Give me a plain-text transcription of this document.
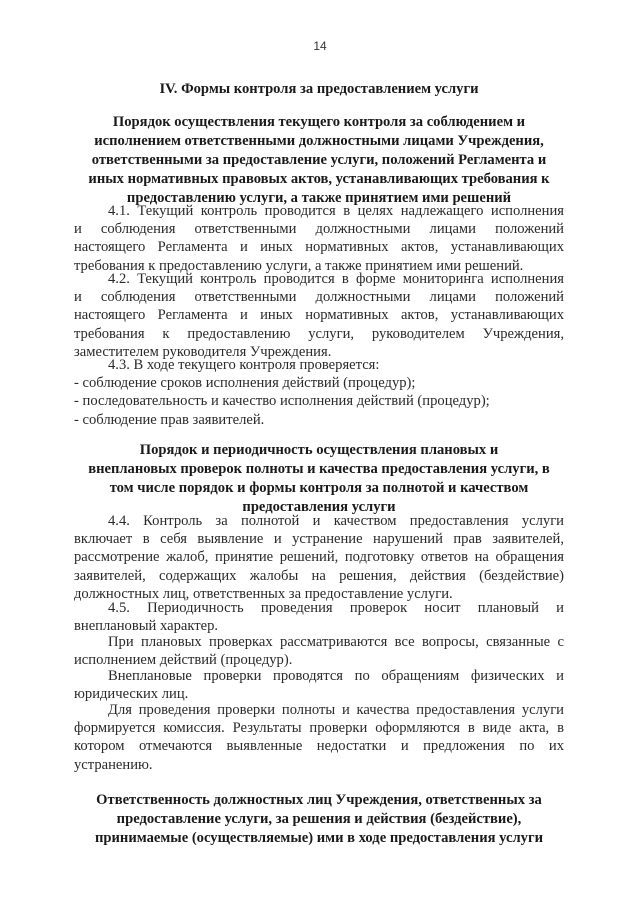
14
IV. Формы контроля за предоставлением услуги
Порядок осуществления текущего контроля за соблюдением и
исполнением ответственными должностными лицами Учреждения,
ответственными за предоставление услуги, положений Регламента и
иных нормативных правовых актов, устанавливающих требования к
предоставлению услуги, а также принятием ими решений
4.1. Текущий контроль проводится в целях надлежащего исполнения
и соблюдения ответственными должностными лицами положений
настоящего Регламента и иных нормативных актов, устанавливающих
требования к предоставлению услуги, а также принятием ими решений.
4.2. Текущий контроль проводится в форме мониторинга исполнения
и соблюдения ответственными должностными лицами положений
настоящего Регламента и иных нормативных актов, устанавливающих
требования к предоставлению услуги, руководителем Учреждения,
заместителем руководителя Учреждения.
4.3. В ходе текущего контроля проверяется:
- соблюдение сроков исполнения действий (процедур);
- последовательность и качество исполнения действий (процедур);
- соблюдение прав заявителей.
Порядок и периодичность осуществления плановых и
внеплановых проверок полноты и качества предоставления услуги, в
том числе порядок и формы контроля за полнотой и качеством
предоставления услуги
4.4. Контроль за полнотой и качеством предоставления услуги
включает в себя выявление и устранение нарушений прав заявителей,
рассмотрение жалоб, принятие решений, подготовку ответов на обращения
заявителей, содержащих жалобы на решения, действия (бездействие)
должностных лиц, ответственных за предоставление услуги.
4.5. Периодичность проведения проверок носит плановый и
внеплановый характер.
При плановых проверках рассматриваются все вопросы, связанные с
исполнением действий (процедур).
Внеплановые проверки проводятся по обращениям физических и
юридических лиц.
Для проведения проверки полноты и качества предоставления услуги
формируется комиссия. Результаты проверки оформляются в виде акта, в
котором отмечаются выявленные недостатки и предложения по их
устранению.
Ответственность должностных лиц Учреждения, ответственных за
предоставление услуги, за решения и действия (бездействие),
принимаемые (осуществляемые) ими в ходе предоставления услуги
